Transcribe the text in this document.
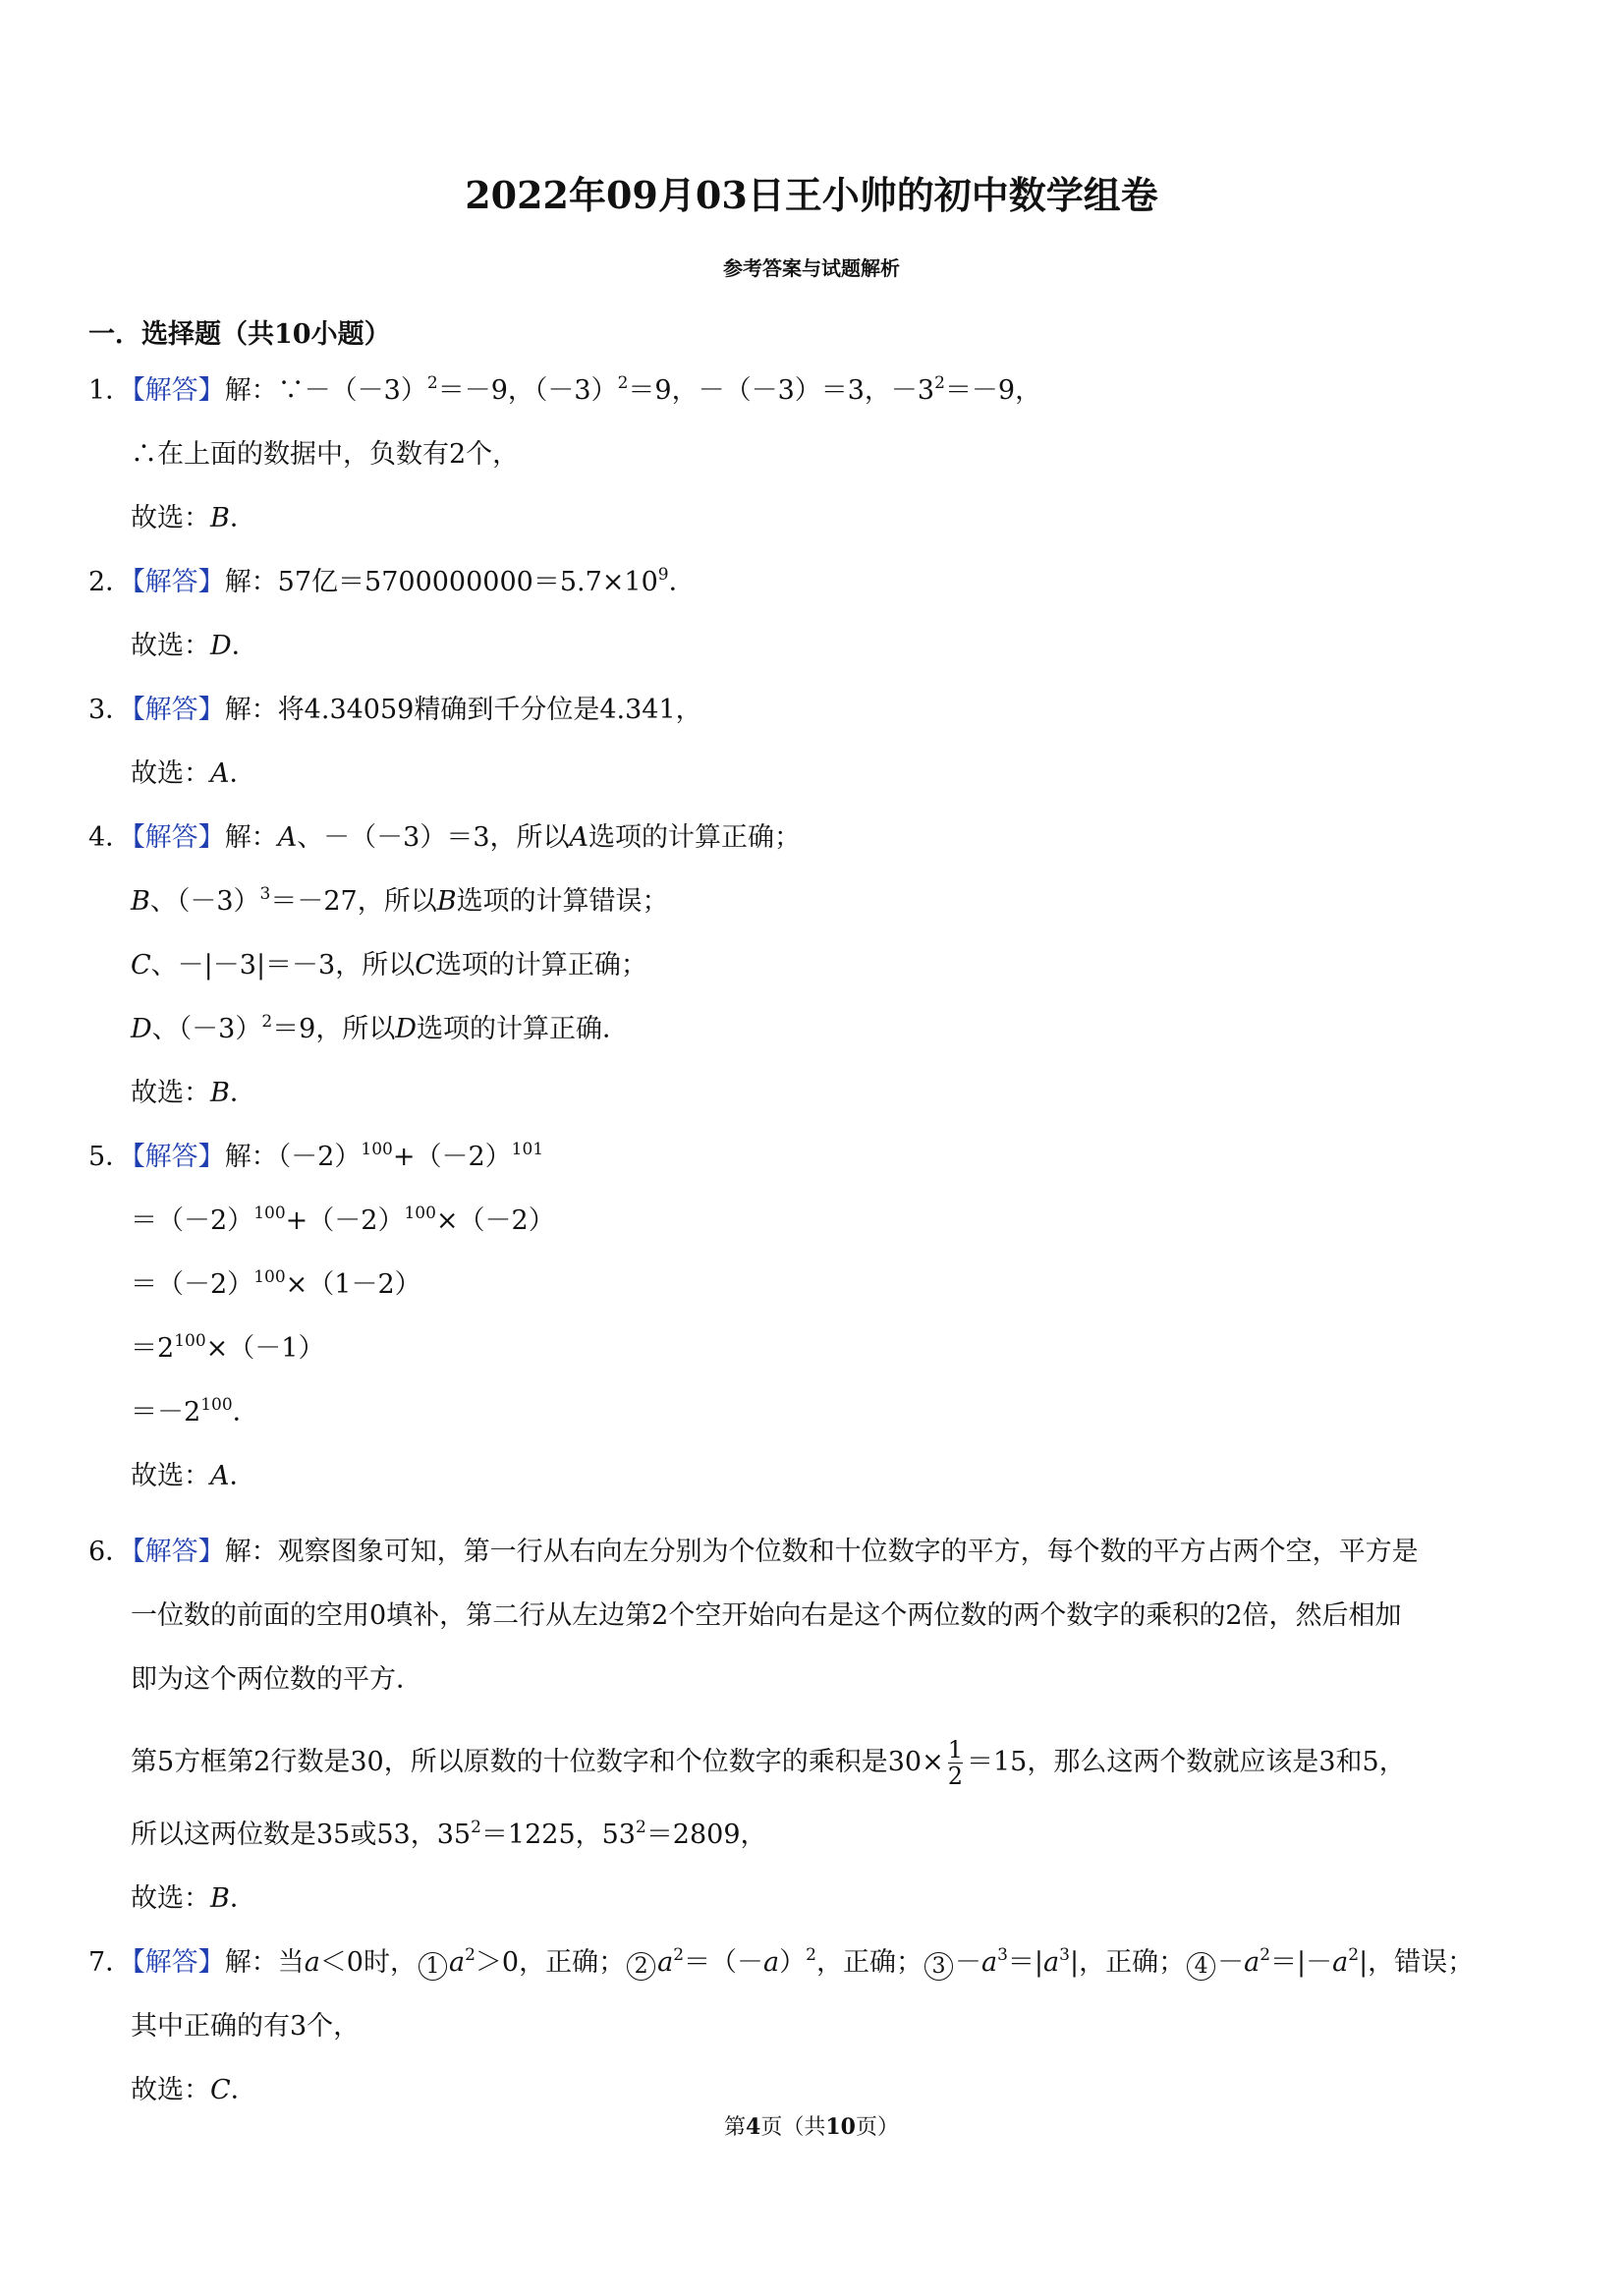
2022年09月03日王小帅的初中数学组卷
参考答案与试题解析
一．选择题（共10小题）
1．【解答】解：$\because-(-3)^2=-9$，$(-3)^2=9$，－（－3）＝3，$-3^2=-9$，
∴在上面的数据中，负数有2个，
故选：B．
2．【解答】解：57亿$=5700000000=5.7\times 10^9$．
故选：D．
3．【解答】解：将4.34059精确到千分位是4.341，
故选：A．
4．【解答】解：A、－（－3）＝3，所以A选项的计算正确；
B、$(-3)^3=-27$，所以B选项的计算错误；
C、－|－3|＝－3，所以C选项的计算正确；
D、$(-3)^2=9$，所以D选项的计算正确．
故选：B．
5．【解答】解：$(-2)^{100}+(-2)^{101}$
$=(-2)^{100}+(-2)^{100}\times(-2)$
$=(-2)^{100}\times(1-2)$
$=2^{100}\times(-1)$
$=-2^{100}$．
故选：A．
6．【解答】解：观察图象可知，第一行从右向左分别为个位数和十位数字的平方，每个数的平方占两个空，平方是
一位数的前面的空用0填补，第二行从左边第2个空开始向右是这个两位数的两个数字的乘积的2倍，然后相加
即为这个两位数的平方．
第5方框第2行数是30，所以原数的十位数字和个位数字的乘积是$30\times \frac{1}{2} =15$，那么这两个数就应该是3和5，
所以这两位数是35或53，$35^2=1225$，$53^2=2809$，
故选：B．
7．【解答】解：当a＜0时， 1 $a^2>0$，正确； 2 $a^2=(-a)^2$，正确； $3 -a^3=|a^3|$，正确； $4 -a^2=|-a^2|$，错误；
其中正确的有3个，
故选：C．
第4页（共10页）
